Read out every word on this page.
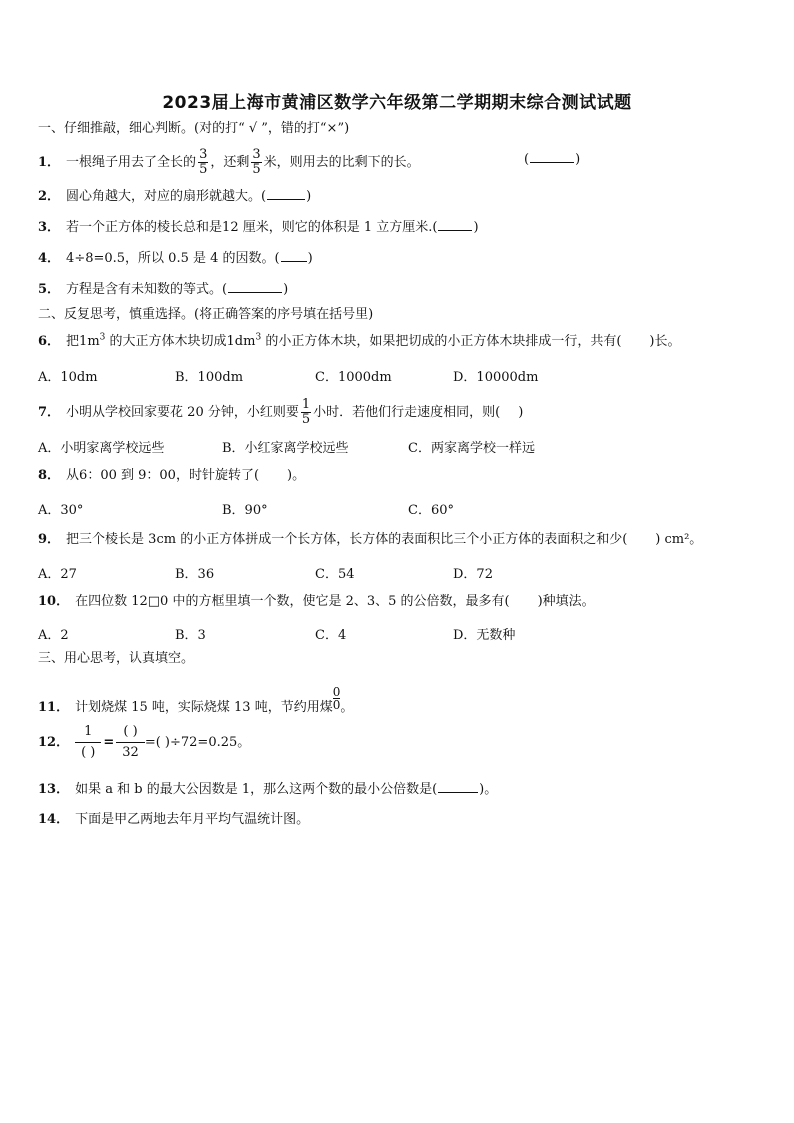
2023届上海市黄浦区数学六年级第二学期期末综合测试试题
一、仔细推敲，细心判断。(对的打“ √ ”，错的打“×”)
1． 一根绳子用去了全长的 $\frac{3}{5}$ ，还剩 $\frac{3}{5}$ 米，则用去的比剩下的长。	(	)
2． 圆心角越大，对应的扇形就越大。(	)
3． 若一个正方体的棱长总和是12 厘米，则它的体积是 1 立方厘米.(	)
4． 4÷8=0.5，所以 0.5 是 4 的因数。( )
5． 方程是含有未知数的等式。(	)
二、反复思考，慎重选择。(将正确答案的序号填在括号里)
6． 把$1m^3$ 的大正方体木块切成$1dm^3$ 的小正方体木块，如果把切成的小正方体木块排成一行，共有( )长。
A．10dm	B．100dm	C．1000dm	D．10000dm
7． 小明从学校回家要花 20 分钟，小红则要 $\frac{1}{5}$ 小时．若他们行走速度相同，则( )
A．小明家离学校远些	B．小红家离学校远些	C．两家离学校一样远
8． 从6：00 到 9：00，时针旋转了( )。
A．30°	B．90°	C．60°
9． 把三个棱长是 3cm 的小正方体拼成一个长方体，长方体的表面积比三个小正方体的表面积之和少( ) cm²。
A．27	B．36	C．54	D．72
10． 在四位数 12□0 中的方框里填一个数，使它是 2、3、5 的公倍数，最多有( )种填法。
A．2	B．3	C．4	D．无数种
三、用心思考，认真填空。
11． 计划烧煤 15 吨，实际烧煤 13 吨，节约用煤 $\frac{0}{0}$ 。
12． $\frac{1}{( )} = \frac{( )}{32}$ =( )÷72=0.25。
13． 如果 a 和 b 的最大公因数是 1，那么这两个数的最小公倍数是(	)。
14． 下面是甲乙两地去年月平均气温统计图。
